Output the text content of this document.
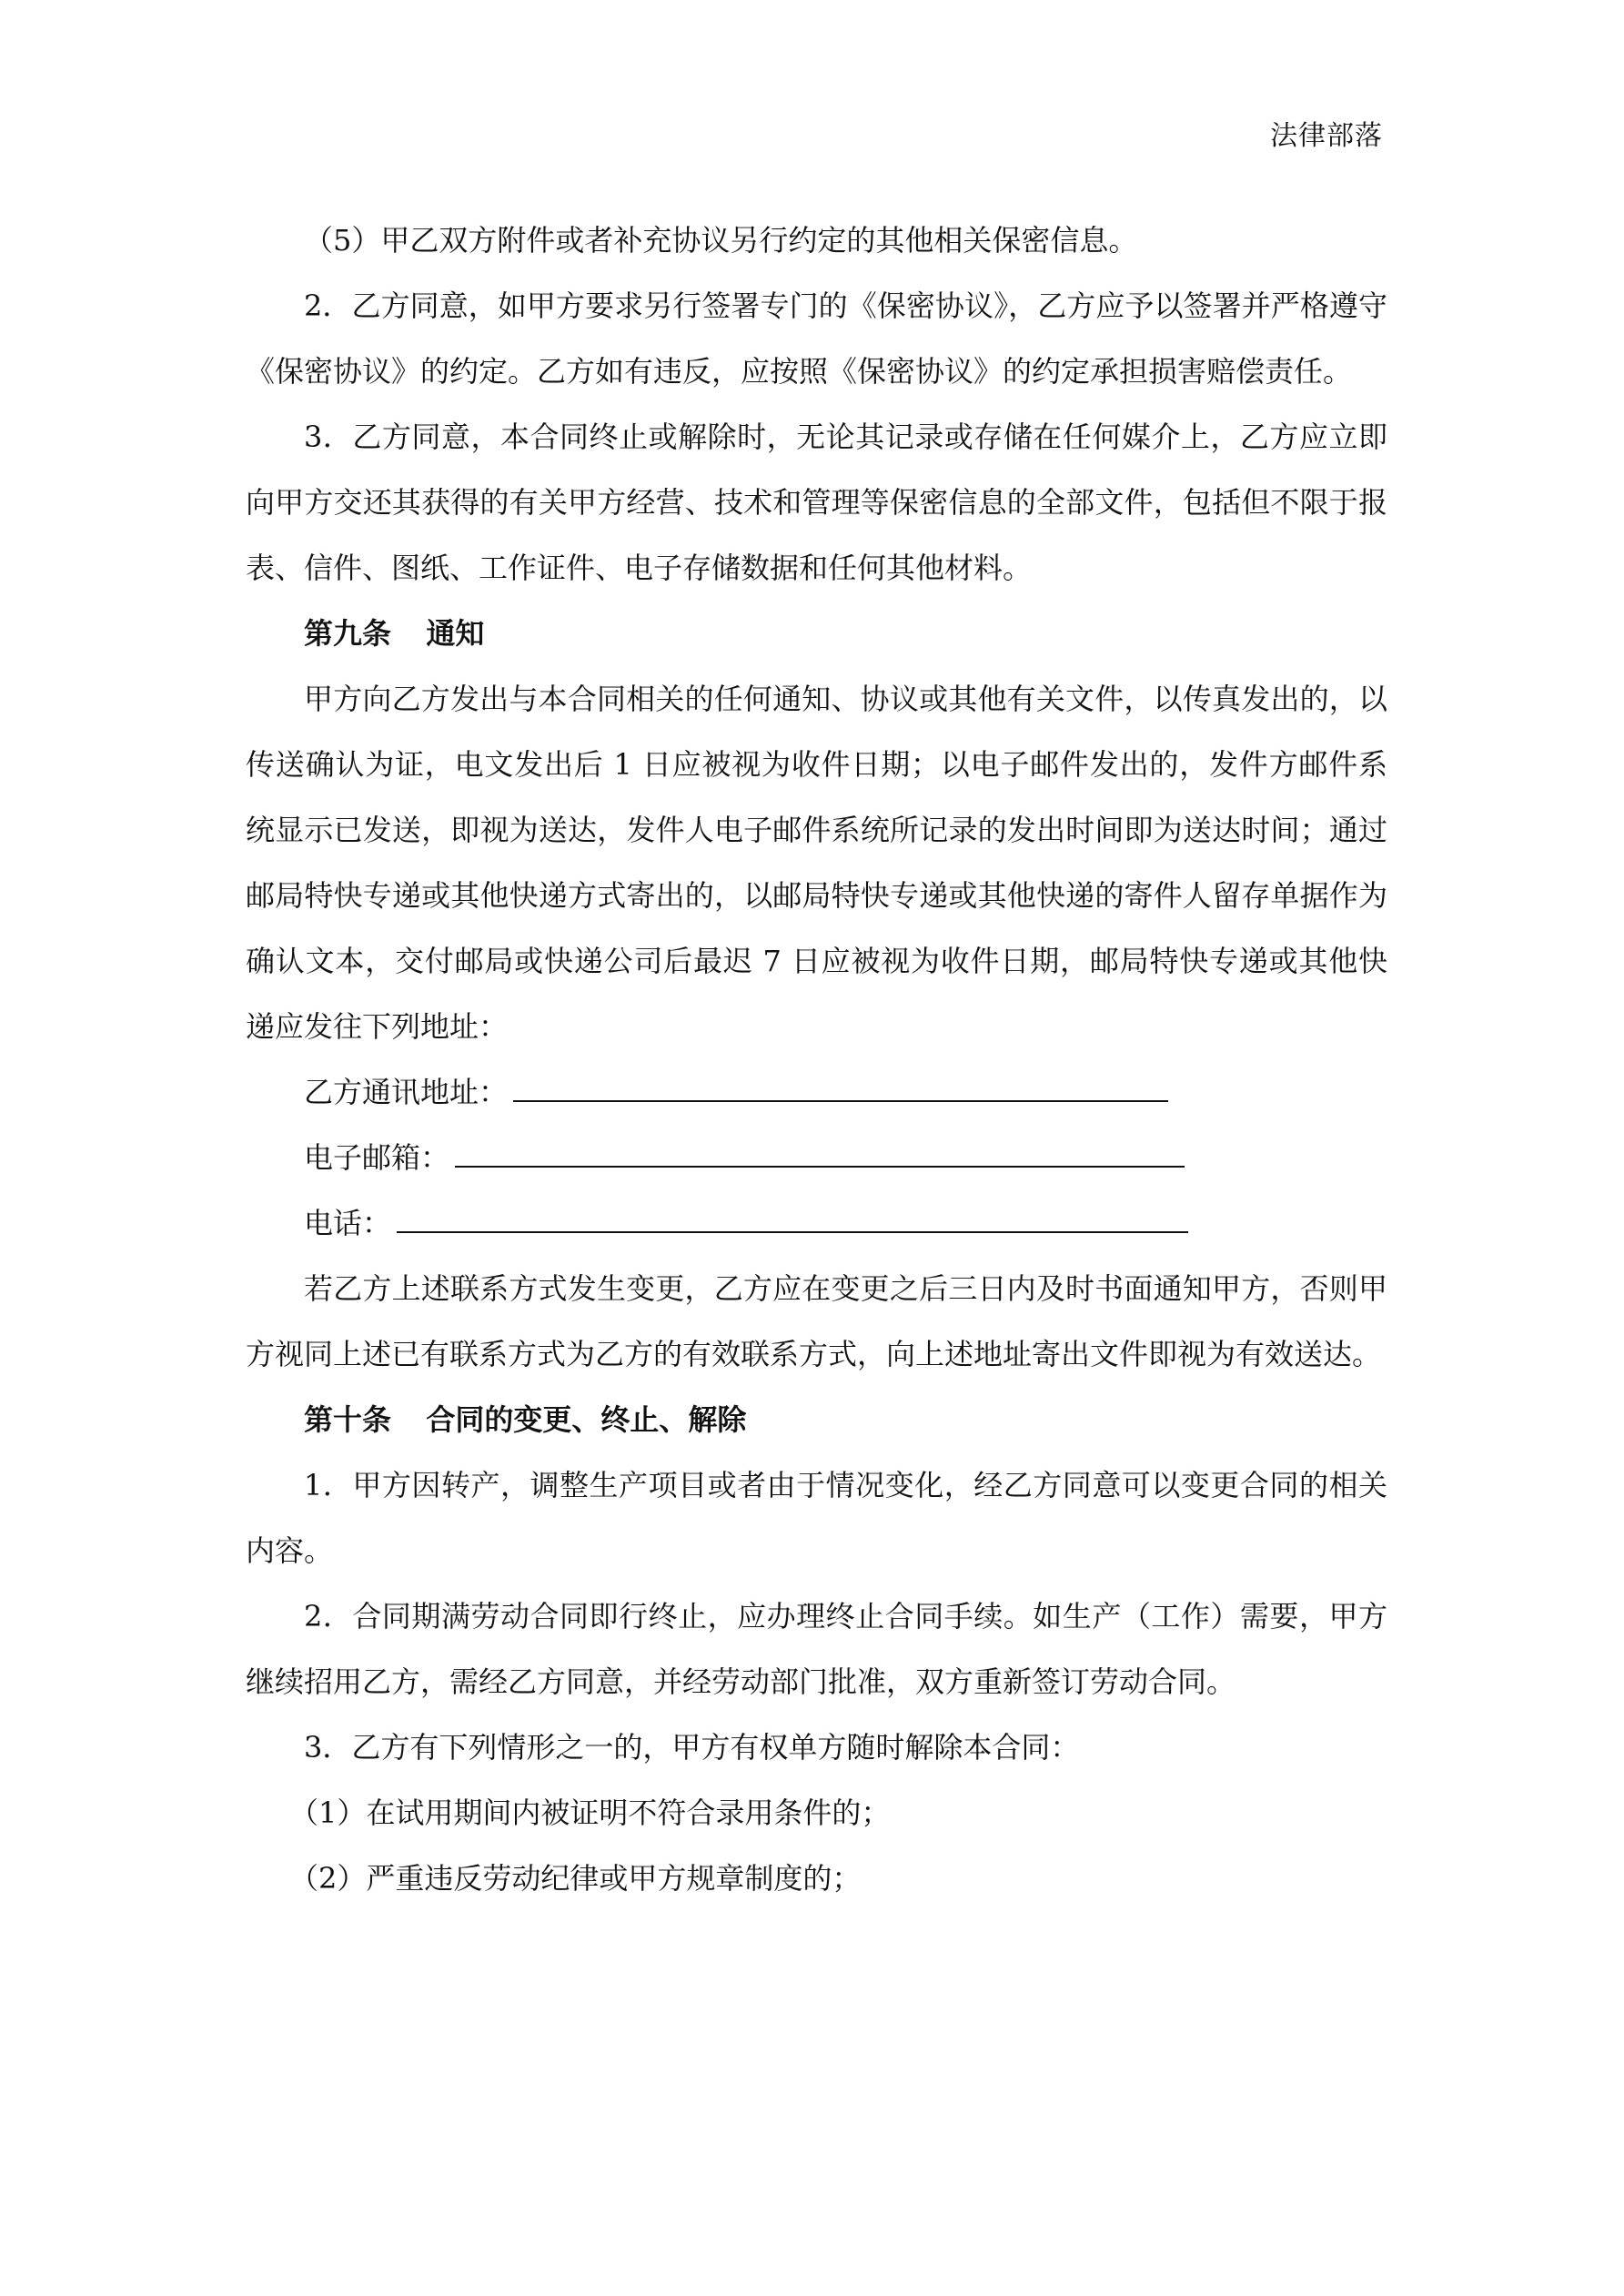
法律部落

（5）甲乙双方附件或者补充协议另行约定的其他相关保密信息。

2．乙方同意，如甲方要求另行签署专门的《保密协议》，乙方应予以签署并严格遵守《保密协议》的约定。乙方如有违反，应按照《保密协议》的约定承担损害赔偿责任。

3．乙方同意，本合同终止或解除时，无论其记录或存储在任何媒介上，乙方应立即向甲方交还其获得的有关甲方经营、技术和管理等保密信息的全部文件，包括但不限于报表、信件、图纸、工作证件、电子存储数据和任何其他材料。

第九条 通知

甲方向乙方发出与本合同相关的任何通知、协议或其他有关文件，以传真发出的，以传送确认为证，电文发出后 1 日应被视为收件日期；以电子邮件发出的，发件方邮件系统显示已发送，即视为送达，发件人电子邮件系统所记录的发出时间即为送达时间；通过邮局特快专递或其他快递方式寄出的，以邮局特快专递或其他快递的寄件人留存单据作为确认文本，交付邮局或快递公司后最迟 7 日应被视为收件日期，邮局特快专递或其他快递应发往下列地址：

乙方通讯地址：
电子邮箱：
电话：

若乙方上述联系方式发生变更，乙方应在变更之后三日内及时书面通知甲方，否则甲方视同上述已有联系方式为乙方的有效联系方式，向上述地址寄出文件即视为有效送达。

第十条 合同的变更、终止、解除

1．甲方因转产，调整生产项目或者由于情况变化，经乙方同意可以变更合同的相关内容。

2．合同期满劳动合同即行终止，应办理终止合同手续。如生产（工作）需要，甲方继续招用乙方，需经乙方同意，并经劳动部门批准，双方重新签订劳动合同。

3．乙方有下列情形之一的，甲方有权单方随时解除本合同：

（1）在试用期间内被证明不符合录用条件的；

（2）严重违反劳动纪律或甲方规章制度的；
